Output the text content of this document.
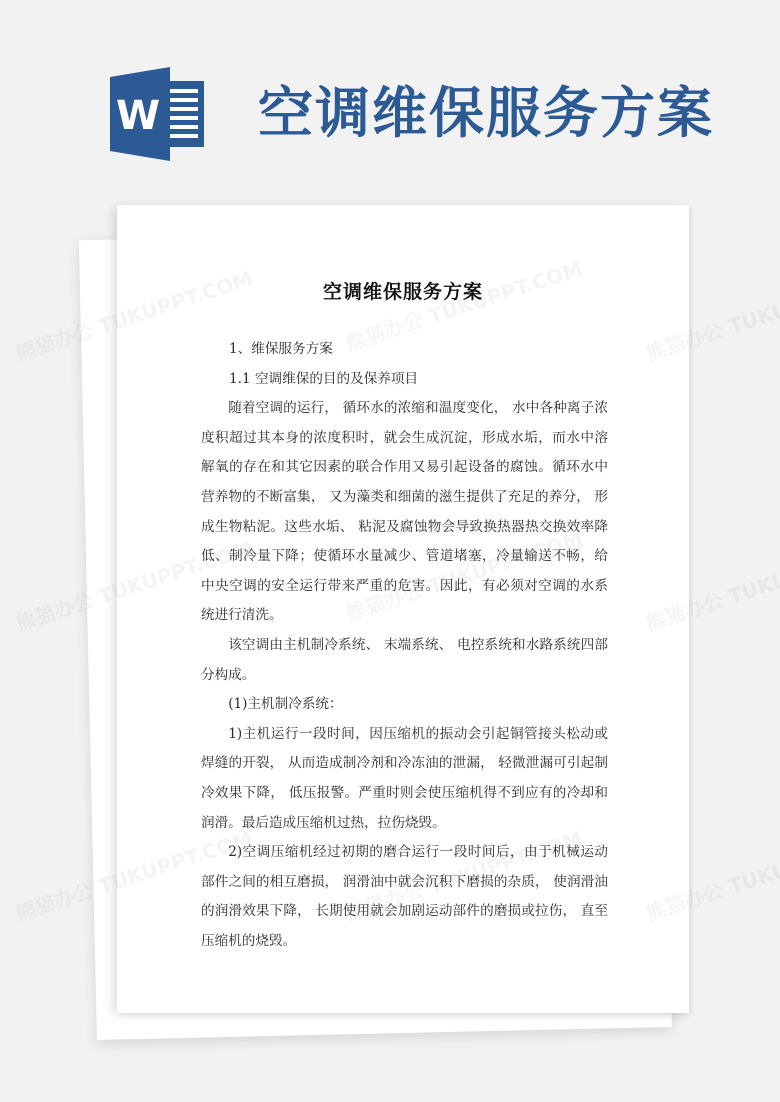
W 空调维保服务方案
空调维保服务方案

1、维保服务方案

1.1 空调维保的目的及保养项目

随着空调的运行， 循环水的浓缩和温度变化， 水中各种离子浓度积超过其本身的浓度积时，就会生成沉淀，形成水垢，而水中溶解氧的存在和其它因素的联合作用又易引起设备的腐蚀。循环水中营养物的不断富集， 又为藻类和细菌的滋生提供了充足的养分， 形成生物粘泥。这些水垢、 粘泥及腐蚀物会导致换热器热交换效率降低、制冷量下降；使循环水量减少、管道堵塞，冷量输送不畅，给中央空调的安全运行带来严重的危害。因此，有必须对空调的水系统进行清洗。

该空调由主机制冷系统、 末端系统、 电控系统和水路系统四部分构成。

(1)主机制冷系统：

1)主机运行一段时间，因压缩机的振动会引起铜管接头松动或焊缝的开裂， 从而造成制冷剂和冷冻油的泄漏， 轻微泄漏可引起制冷效果下降， 低压报警。严重时则会使压缩机得不到应有的冷却和润滑。最后造成压缩机过热，拉伤烧毁。

2)空调压缩机经过初期的磨合运行一段时间后，由于机械运动部件之间的相互磨损， 润滑油中就会沉积下磨损的杂质， 使润滑油的润滑效果下降， 长期使用就会加剧运动部件的磨损或拉伤， 直至压缩机的烧毁。
